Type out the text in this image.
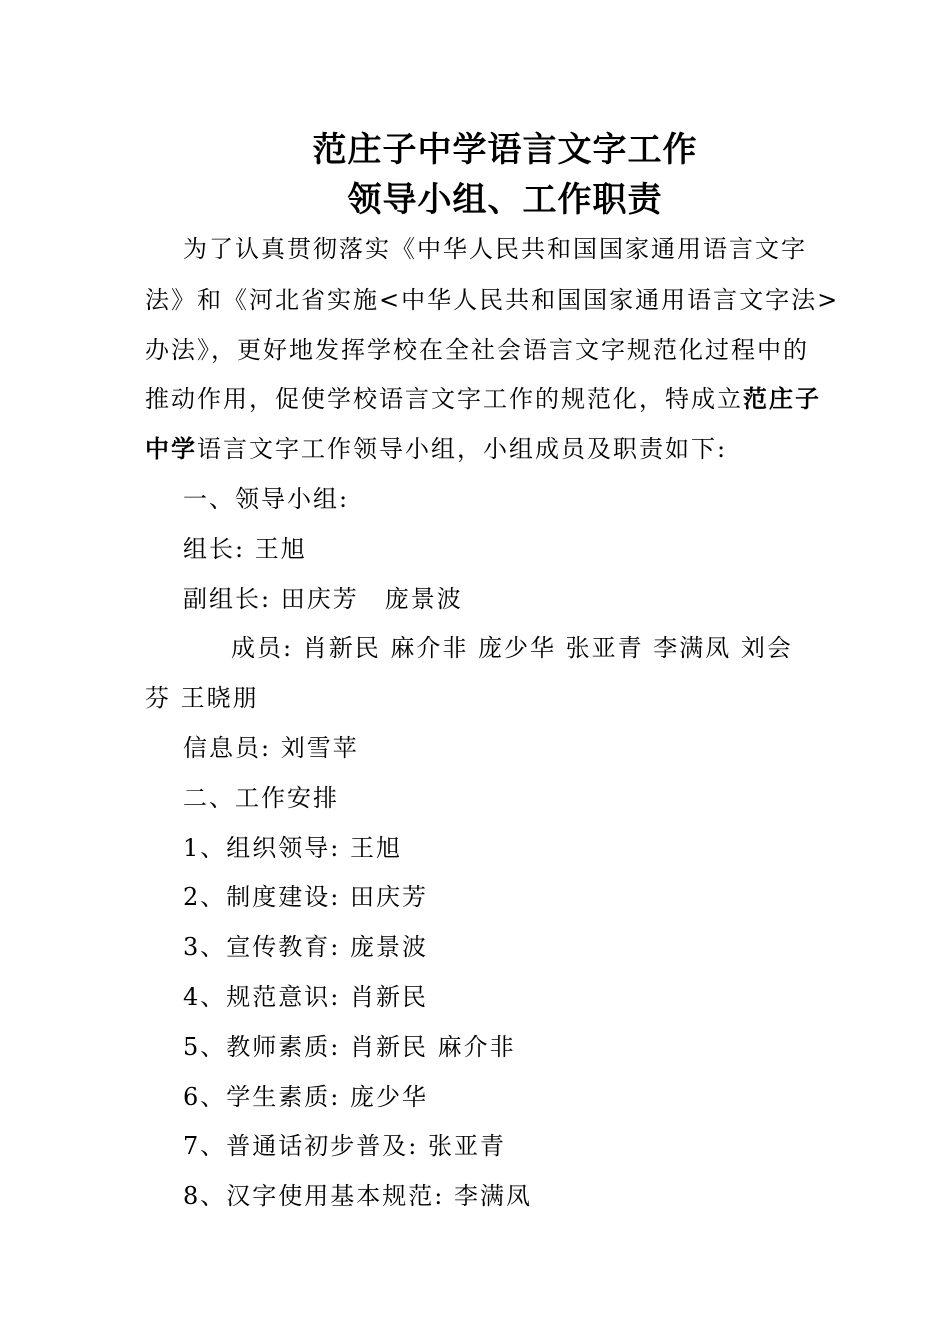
范庄子中学语言文字工作
领导小组、工作职责
为了认真贯彻落实《中华人民共和国国家通用语言文字
法》和《河北省实施<中华人民共和国国家通用语言文字法>
办法》，更好地发挥学校在全社会语言文字规范化过程中的
推动作用，促使学校语言文字工作的规范化，特成立范庄子
中学语言文字工作领导小组，小组成员及职责如下:
一、领导小组:
组长: 王旭
副组长: 田庆芳　庞景波
成员: 肖新民 麻介非 庞少华 张亚青 李满凤 刘会
芬 王晓朋
信息员: 刘雪苹
二、工作安排
1、组织领导: 王旭
2、制度建设: 田庆芳
3、宣传教育: 庞景波
4、规范意识: 肖新民
5、教师素质: 肖新民 麻介非
6、学生素质: 庞少华
7、普通话初步普及: 张亚青
8、汉字使用基本规范: 李满凤
